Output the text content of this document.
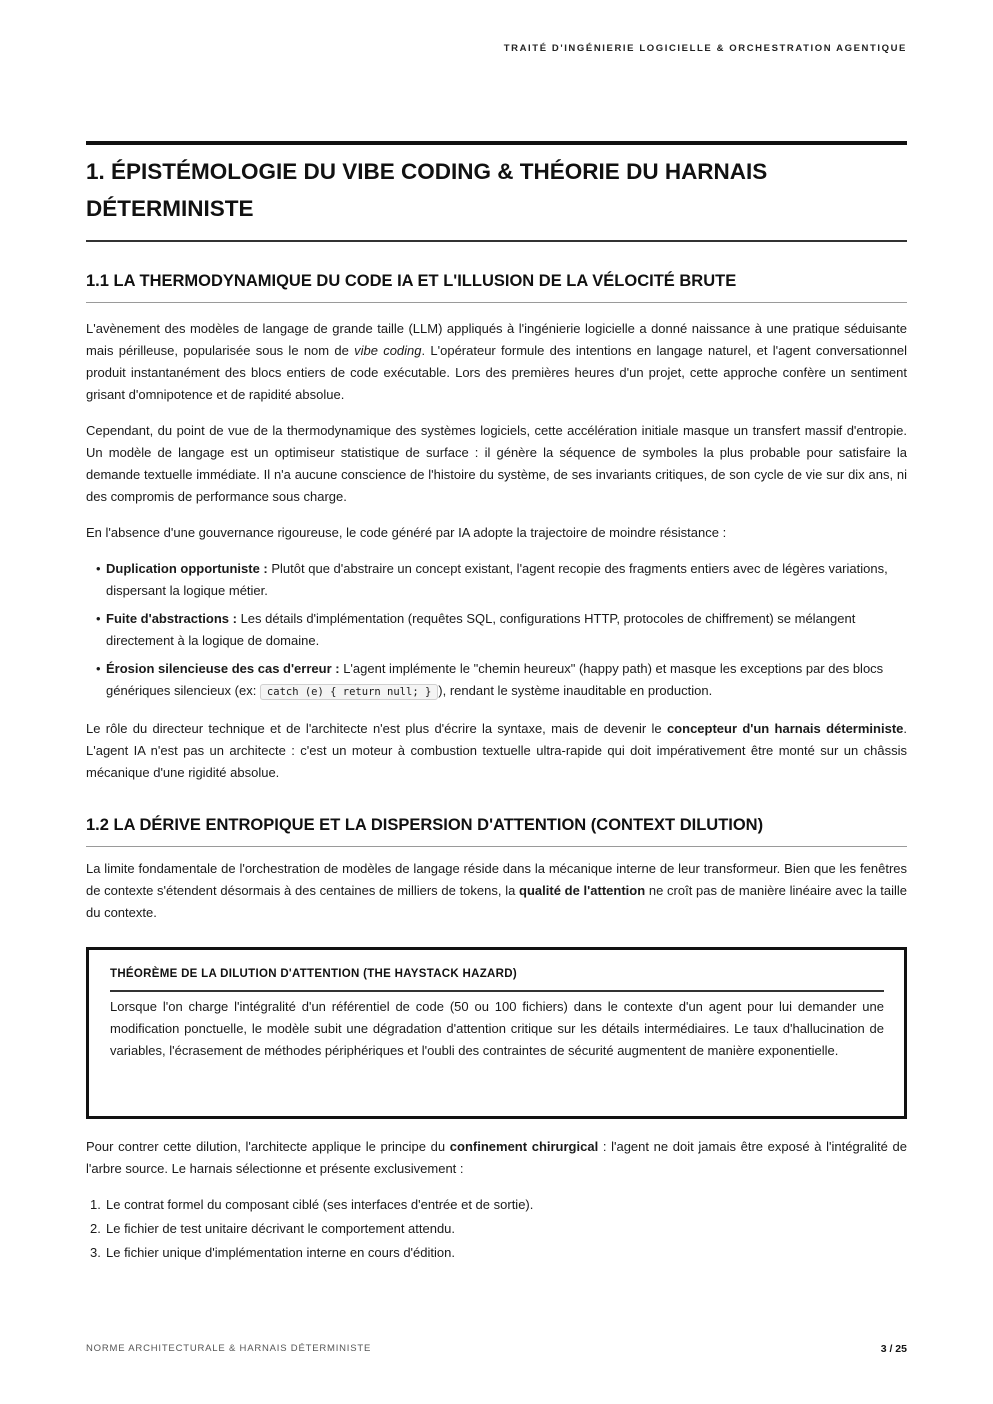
TRAITÉ D'INGÉNIERIE LOGICIELLE & ORCHESTRATION AGENTIQUE
1. ÉPISTÉMOLOGIE DU VIBE CODING & THÉORIE DU HARNAIS DÉTERMINISTE
1.1 LA THERMODYNAMIQUE DU CODE IA ET L'ILLUSION DE LA VÉLOCITÉ BRUTE

L'avènement des modèles de langage de grande taille (LLM) appliqués à l'ingénierie logicielle a donné naissance à une pratique séduisante mais périlleuse, popularisée sous le nom de vibe coding. L'opérateur formule des intentions en langage naturel, et l'agent conversationnel produit instantanément des blocs entiers de code exécutable. Lors des premières heures d'un projet, cette approche confère un sentiment grisant d'omnipotence et de rapidité absolue.

Cependant, du point de vue de la thermodynamique des systèmes logiciels, cette accélération initiale masque un transfert massif d'entropie. Un modèle de langage est un optimiseur statistique de surface : il génère la séquence de symboles la plus probable pour satisfaire la demande textuelle immédiate. Il n'a aucune conscience de l'histoire du système, de ses invariants critiques, de son cycle de vie sur dix ans, ni des compromis de performance sous charge.

En l'absence d'une gouvernance rigoureuse, le code généré par IA adopte la trajectoire de moindre résistance :

• Duplication opportuniste : Plutôt que d'abstraire un concept existant, l'agent recopie des fragments entiers avec de légères variations, dispersant la logique métier.
• Fuite d'abstractions : Les détails d'implémentation (requêtes SQL, configurations HTTP, protocoles de chiffrement) se mélangent directement à la logique de domaine.
• Érosion silencieuse des cas d'erreur : L'agent implémente le "chemin heureux" (happy path) et masque les exceptions par des blocs génériques silencieux (ex: catch (e) { return null; } ), rendant le système inauditable en production.

Le rôle du directeur technique et de l'architecte n'est plus d'écrire la syntaxe, mais de devenir le concepteur d'un harnais déterministe. L'agent IA n'est pas un architecte : c'est un moteur à combustion textuelle ultra-rapide qui doit impérativement être monté sur un châssis mécanique d'une rigidité absolue.

1.2 LA DÉRIVE ENTROPIQUE ET LA DISPERSION D'ATTENTION (CONTEXT DILUTION)

La limite fondamentale de l'orchestration de modèles de langage réside dans la mécanique interne de leur transformeur. Bien que les fenêtres de contexte s'étendent désormais à des centaines de milliers de tokens, la qualité de l'attention ne croît pas de manière linéaire avec la taille du contexte.

THÉORÈME DE LA DILUTION D'ATTENTION (THE HAYSTACK HAZARD)

Lorsque l'on charge l'intégralité d'un référentiel de code (50 ou 100 fichiers) dans le contexte d'un agent pour lui demander une modification ponctuelle, le modèle subit une dégradation d'attention critique sur les détails intermédiaires. Le taux d'hallucination de variables, l'écrasement de méthodes périphériques et l'oubli des contraintes de sécurité augmentent de manière exponentielle.

Pour contrer cette dilution, l'architecte applique le principe du confinement chirurgical : l'agent ne doit jamais être exposé à l'intégralité de l'arbre source. Le harnais sélectionne et présente exclusivement :

1. Le contrat formel du composant ciblé (ses interfaces d'entrée et de sortie).
2. Le fichier de test unitaire décrivant le comportement attendu.
3. Le fichier unique d'implémentation interne en cours d'édition.
NORME ARCHITECTURALE & HARNAIS DÉTERMINISTE	3 / 25
